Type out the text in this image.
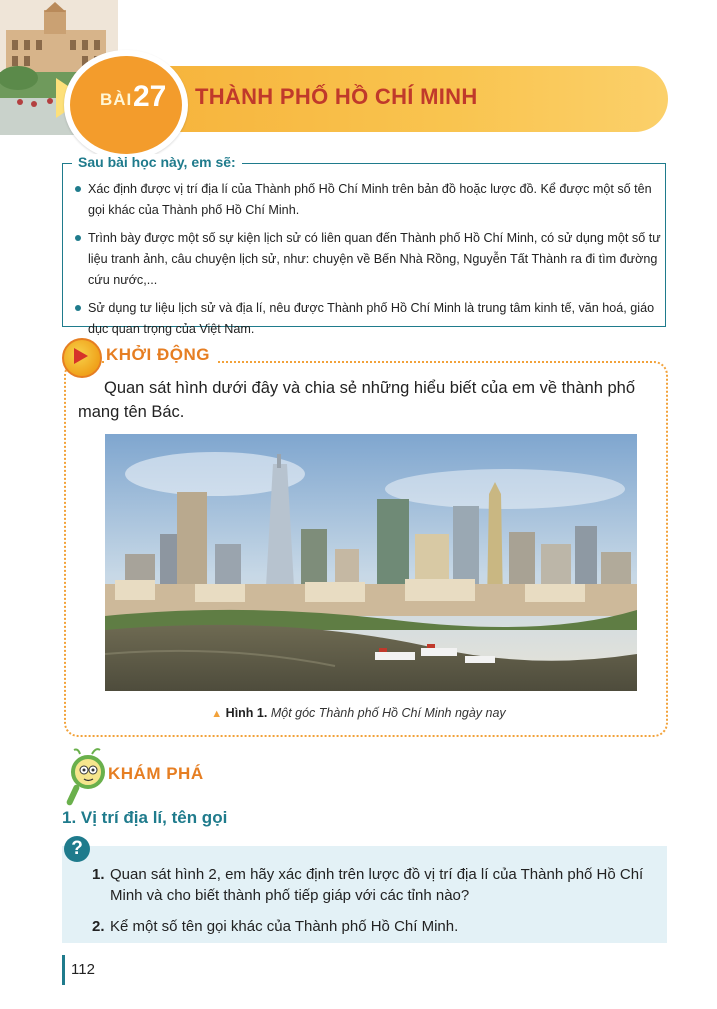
BÀI 27 THÀNH PHỐ HỒ CHÍ MINH
Sau bài học này, em sẽ:
Xác định được vị trí địa lí của Thành phố Hồ Chí Minh trên bản đồ hoặc lược đồ. Kể được một số tên gọi khác của Thành phố Hồ Chí Minh.
Trình bày được một số sự kiện lịch sử có liên quan đến Thành phố Hồ Chí Minh, có sử dụng một số tư liệu tranh ảnh, câu chuyện lịch sử, như: chuyện về Bến Nhà Rồng, Nguyễn Tất Thành ra đi tìm đường cứu nước,...
Sử dụng tư liệu lịch sử và địa lí, nêu được Thành phố Hồ Chí Minh là trung tâm kinh tế, văn hoá, giáo dục quan trọng của Việt Nam.
KHỞI ĐỘNG
Quan sát hình dưới đây và chia sẻ những hiểu biết của em về thành phố mang tên Bác.
▲ Hình 1. Một góc Thành phố Hồ Chí Minh ngày nay
KHÁM PHÁ
1. Vị trí địa lí, tên gọi
?
1. Quan sát hình 2, em hãy xác định trên lược đồ vị trí địa lí của Thành phố Hồ Chí Minh và cho biết thành phố tiếp giáp với các tỉnh nào?
2. Kể một số tên gọi khác của Thành phố Hồ Chí Minh.
112
